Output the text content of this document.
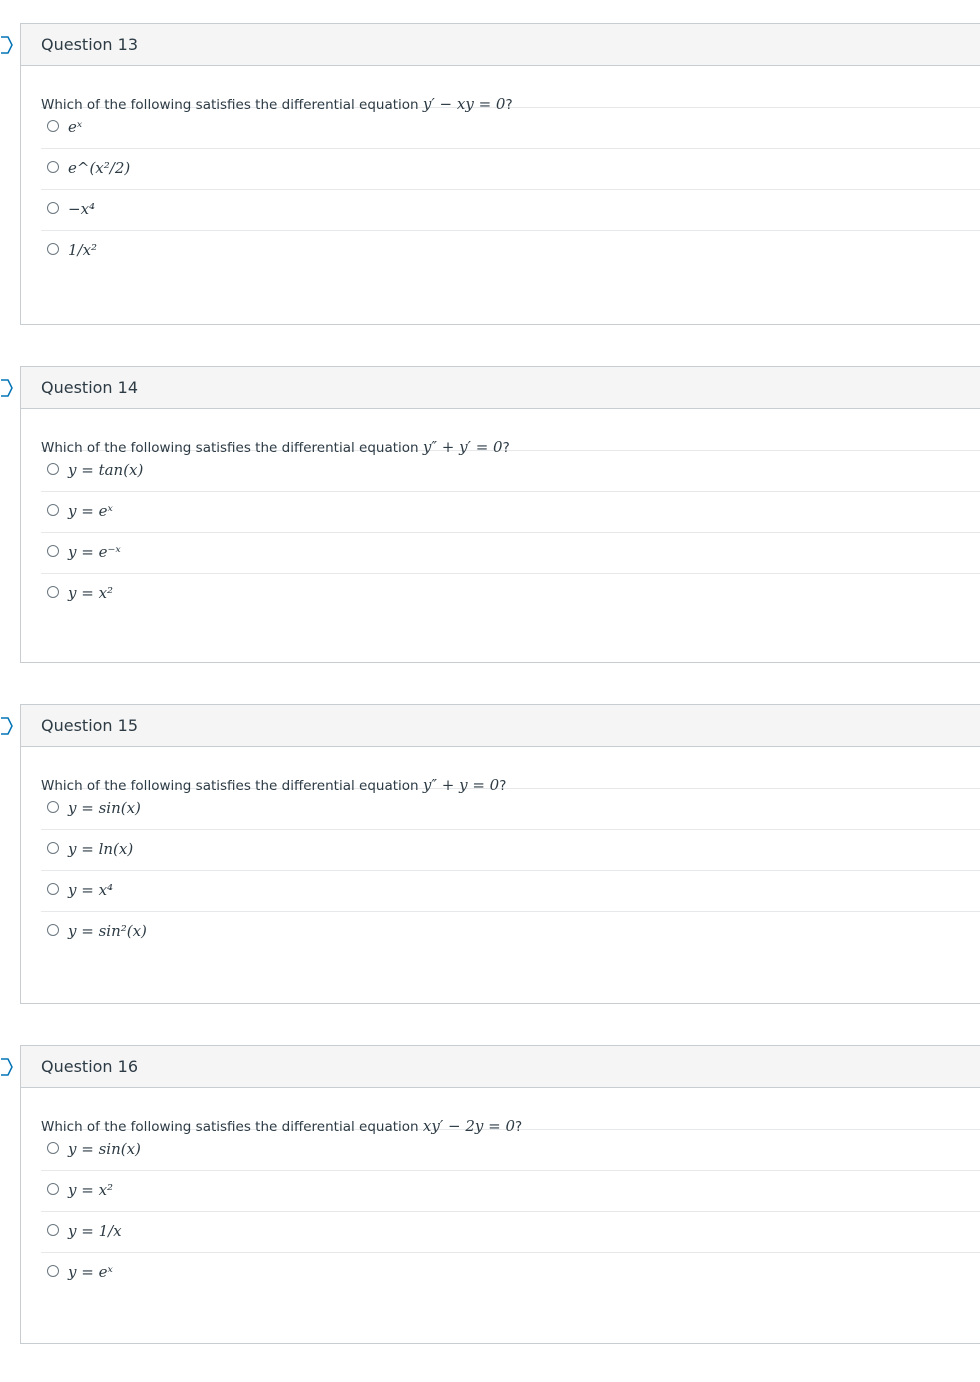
Question 13
Which of the following satisfies the differential equation y′ − xy = 0?
eˣ
e^(x²/2)
−x⁴
1/x²
Question 14
Which of the following satisfies the differential equation y″ + y′ = 0?
y = tan(x)
y = eˣ
y = e⁻ˣ
y = x²
Question 15
Which of the following satisfies the differential equation y″ + y = 0?
y = sin(x)
y = ln(x)
y = x⁴
y = sin²(x)
Question 16
Which of the following satisfies the differential equation xy′ − 2y = 0?
y = sin(x)
y = x²
y = 1/x
y = eˣ
